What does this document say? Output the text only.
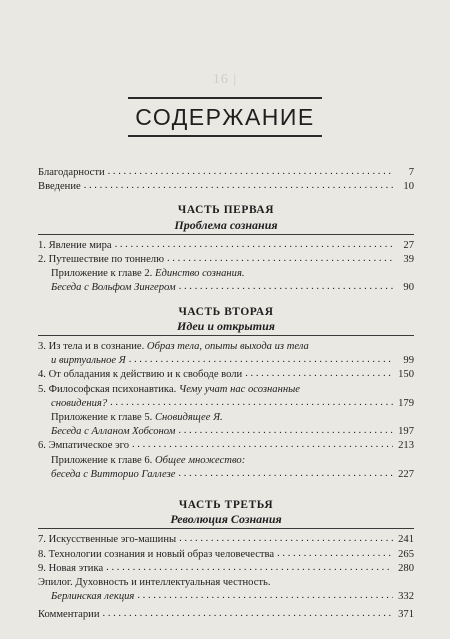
16 |
СОДЕРЖАНИЕ
Благодарности . . .	7
Введение . . .	10
ЧАСТЬ ПЕРВАЯ
Проблема сознания
1. Явление мира . . .	27
2. Путешествие по тоннелю . . .	39
Приложение к главе 2. Единство сознания.
Беседа с Вольфом Зингером . . .	90
ЧАСТЬ ВТОРАЯ
Идеи и открытия
3. Из тела и в сознание. Образ тела, опыты выхода из тела
и виртуальное Я . . .	99
4. От обладания к действию и к свободе воли . . .	150
5. Философская психонавтика. Чему учат нас осознанные
сновидения? . . .	179
Приложение к главе 5. Сновидящее Я.
Беседа с Алланом Хобсоном . . .	197
6. Эмпатическое эго . . .	213
Приложение к главе 6. Общее множество:
беседа с Витторио Галлезе . . .	227
ЧАСТЬ ТРЕТЬЯ
Революция Сознания
7. Искусственные эго-машины . . .	241
8. Технологии сознания и новый образ человечества . . .	265
9. Новая этика . . .	280
Эпилог. Духовность и интеллектуальная честность.
Берлинская лекция . . .	332
Комментарии . . .	371
